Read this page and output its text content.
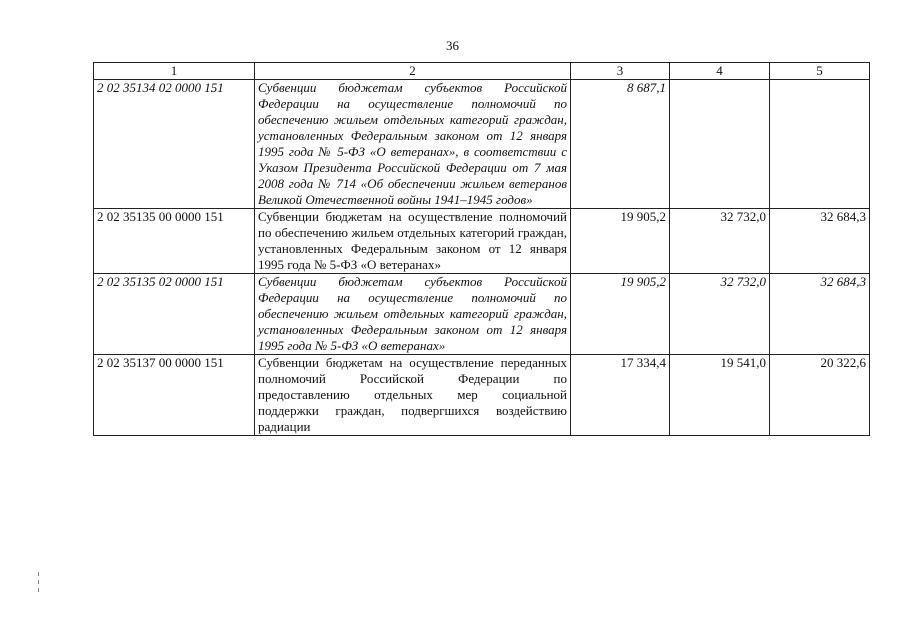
36
1	2	3	4	5
2 02 35134 02 0000 151	Субвенции бюджетам субъектов Российской Федерации на осуществление полномочий по обеспечению жильем отдельных категорий граждан, установленных Федеральным законом от 12 января 1995 года № 5-ФЗ «О ветеранах», в соответствии с Указом Президента Российской Федерации от 7 мая 2008 года № 714 «Об обеспечении жильем ветеранов Великой Отечественной войны 1941–1945 годов»	8 687,1		
2 02 35135 00 0000 151	Субвенции бюджетам на осуществление полномочий по обеспечению жильем отдельных категорий граждан, установленных Федеральным законом от 12 января 1995 года № 5-ФЗ «О ветеранах»	19 905,2	32 732,0	32 684,3
2 02 35135 02 0000 151	Субвенции бюджетам субъектов Российской Федерации на осуществление полномочий по обеспечению жильем отдельных категорий граждан, установленных Федеральным законом от 12 января 1995 года № 5-ФЗ «О ветеранах»	19 905,2	32 732,0	32 684,3
2 02 35137 00 0000 151	Субвенции бюджетам на осуществление переданных полномочий Российской Федерации по предоставлению отдельных мер социальной поддержки граждан, подвергшихся воздействию радиации	17 334,4	19 541,0	20 322,6
